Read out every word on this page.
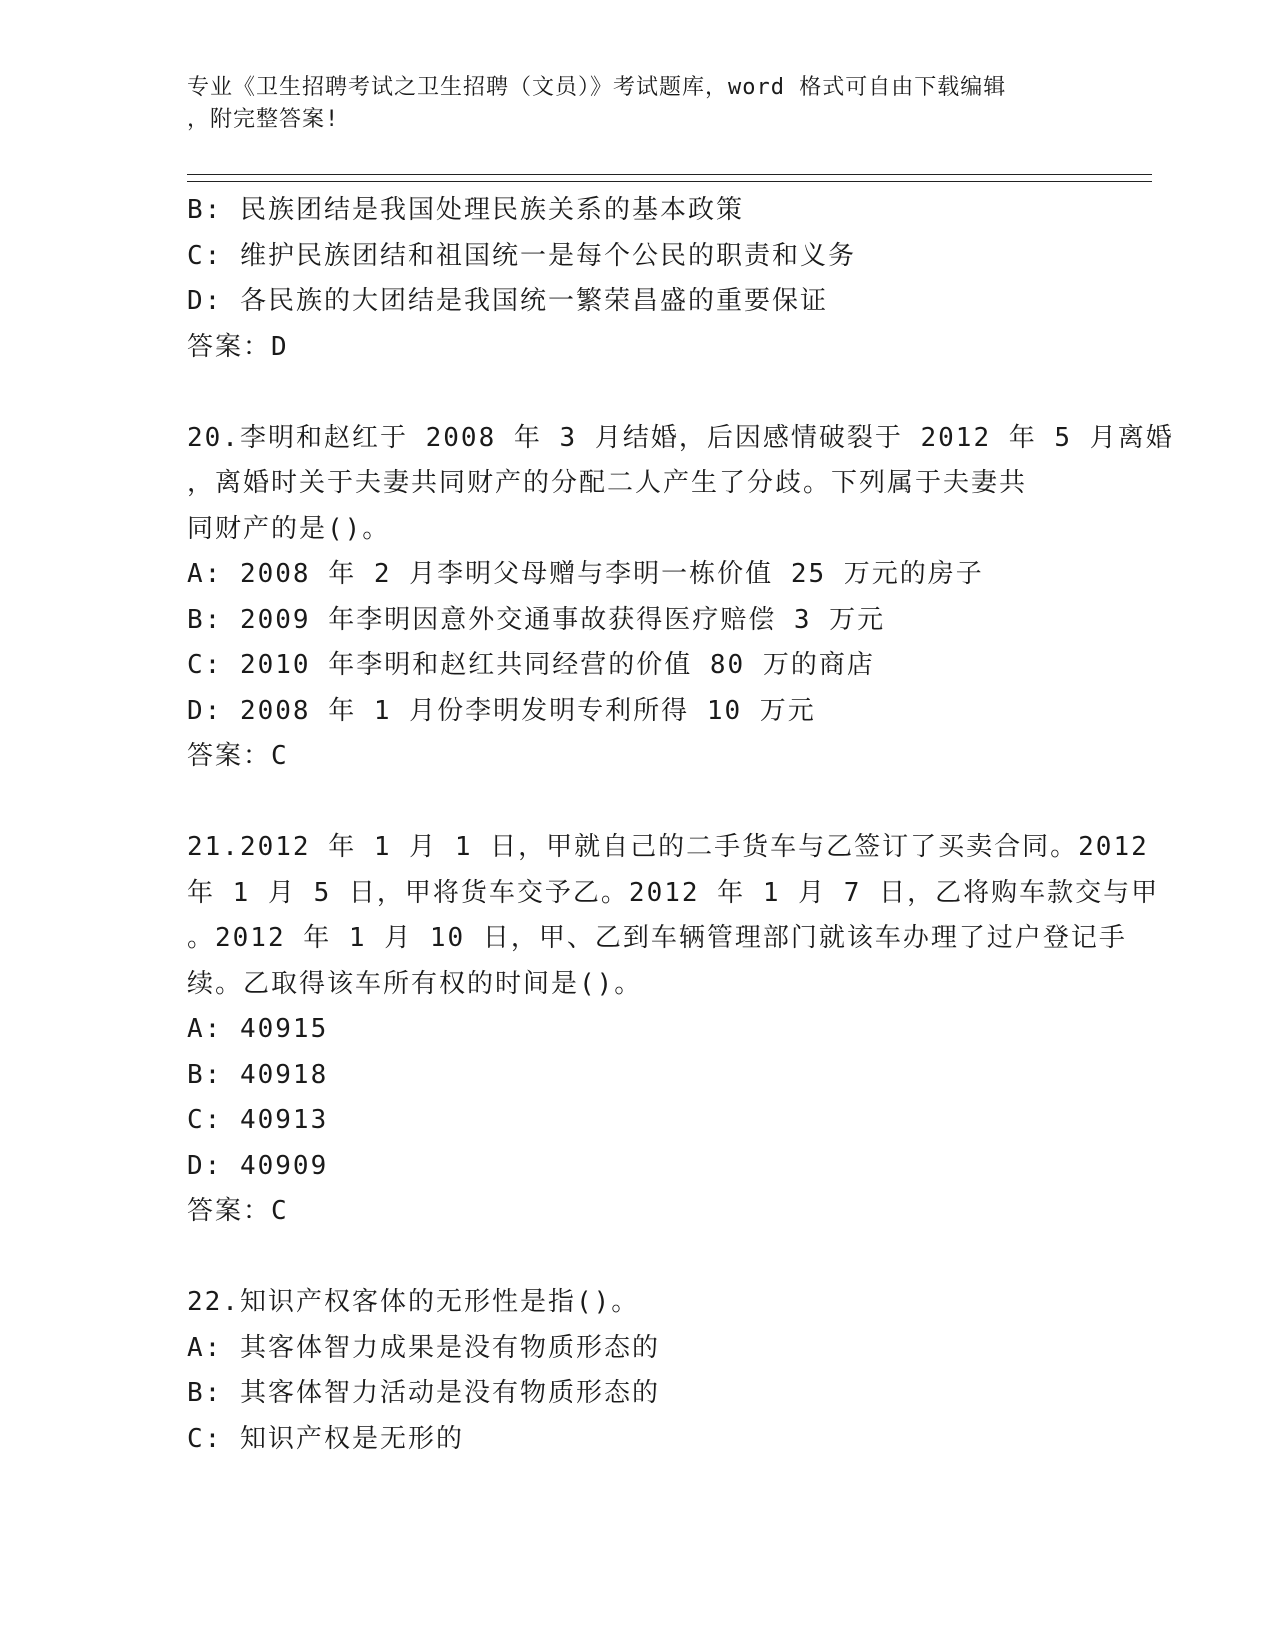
专业《卫生招聘考试之卫生招聘（文员）》考试题库，word 格式可自由下载编辑
，附完整答案!
B: 民族团结是我国处理民族关系的基本政策
C: 维护民族团结和祖国统一是每个公民的职责和义务
D: 各民族的大团结是我国统一繁荣昌盛的重要保证
答案：D
20.李明和赵红于 2008 年 3 月结婚，后因感情破裂于 2012 年 5 月离婚
，离婚时关于夫妻共同财产的分配二人产生了分歧。下列属于夫妻共
同财产的是()。
A: 2008 年 2 月李明父母赠与李明一栋价值 25 万元的房子
B: 2009 年李明因意外交通事故获得医疗赔偿 3 万元
C: 2010 年李明和赵红共同经营的价值 80 万的商店
D: 2008 年 1 月份李明发明专利所得 10 万元
答案：C
21.2012 年 1 月 1 日，甲就自己的二手货车与乙签订了买卖合同。2012
年 1 月 5 日，甲将货车交予乙。2012 年 1 月 7 日，乙将购车款交与甲
。2012 年 1 月 10 日，甲、乙到车辆管理部门就该车办理了过户登记手
续。乙取得该车所有权的时间是()。
A: 40915
B: 40918
C: 40913
D: 40909
答案：C
22.知识产权客体的无形性是指()。
A: 其客体智力成果是没有物质形态的
B: 其客体智力活动是没有物质形态的
C: 知识产权是无形的
